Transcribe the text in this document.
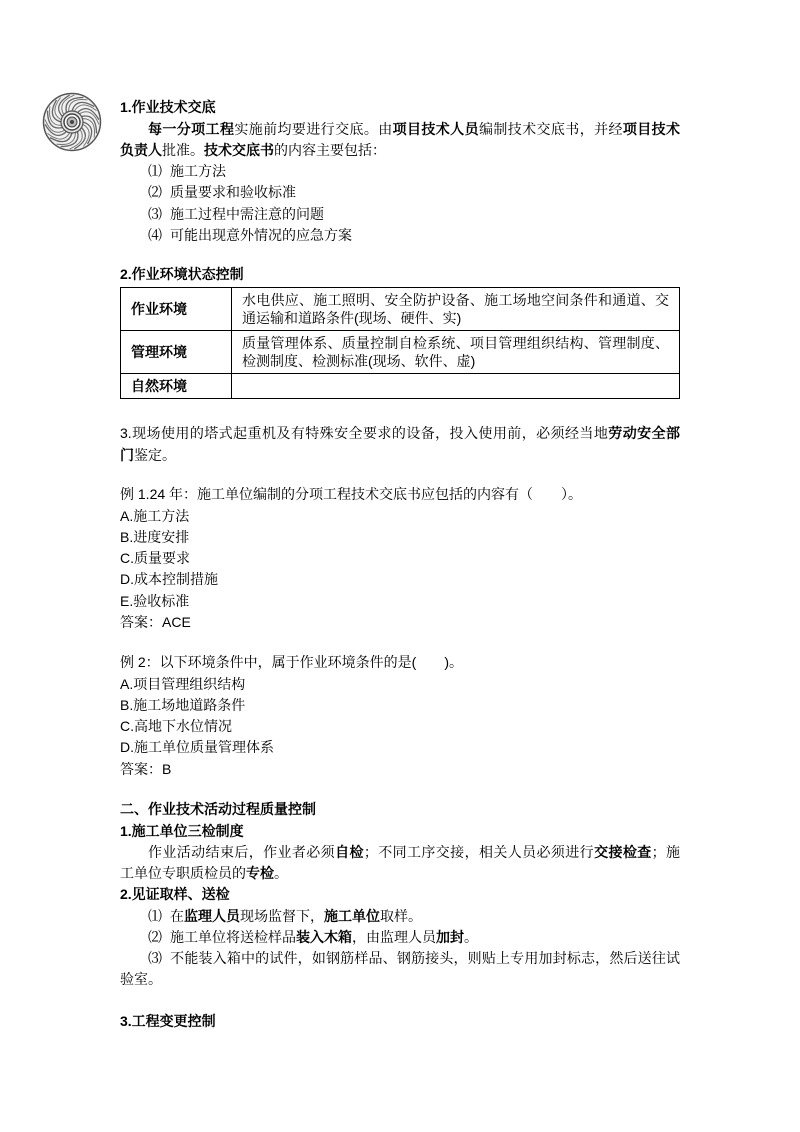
1.作业技术交底
每一分项工程实施前均要进行交底。由项目技术人员编制技术交底书，并经项目技术
负责人批准。技术交底书的内容主要包括：
⑴ 施工方法
⑵ 质量要求和验收标准
⑶ 施工过程中需注意的问题
⑷ 可能出现意外情况的应急方案
2.作业环境状态控制
作业环境	水电供应、施工照明、安全防护设备、施工场地空间条件和通道、交
通运输和道路条件(现场、硬件、实)

管理环境	质量管理体系、质量控制自检系统、项目管理组织结构、管理制度、
检测制度、检测标准(现场、软件、虚)

自然环境	
3.现场使用的塔式起重机及有特殊安全要求的设备，投入使用前，必须经当地劳动安全部
门鉴定。
例 1.24 年：施工单位编制的分项工程技术交底书应包括的内容有（　　）。
A.施工方法
B.进度安排
C.质量要求
D.成本控制措施
E.验收标准
答案：ACE
例 2：以下环境条件中，属于作业环境条件的是(　　)。
A.项目管理组织结构
B.施工场地道路条件
C.高地下水位情况
D.施工单位质量管理体系
答案：B
二、作业技术活动过程质量控制
1.施工单位三检制度
作业活动结束后，作业者必须自检；不同工序交接，相关人员必须进行交接检查；施
工单位专职质检员的专检。
2.见证取样、送检
⑴ 在监理人员现场监督下，施工单位取样。
⑵ 施工单位将送检样品装入木箱，由监理人员加封。
⑶ 不能装入箱中的试件，如钢筋样品、钢筋接头，则贴上专用加封标志，然后送往试
验室。
3.工程变更控制
